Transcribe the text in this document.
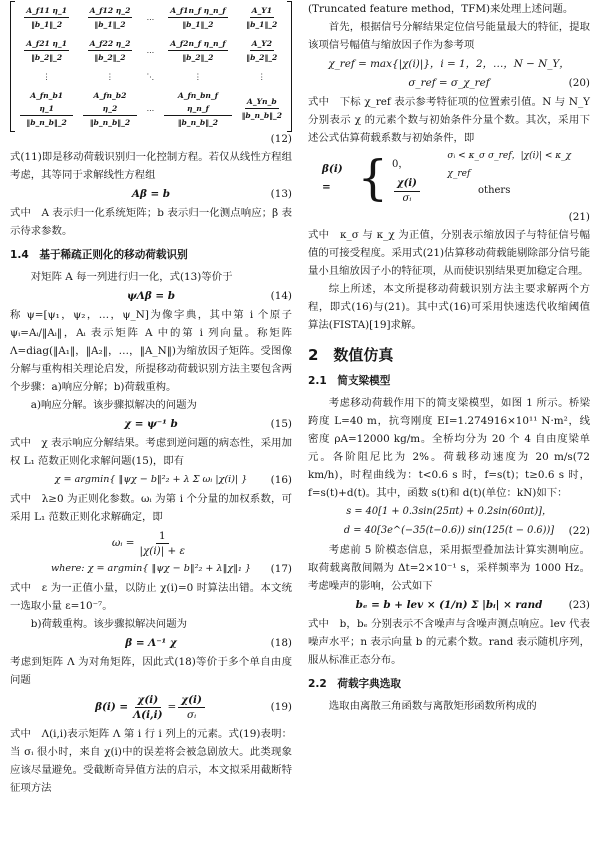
$\frac{A\_f11 \eta\_1}{‖b\_1‖\_2}$	$\frac{A\_f12 \eta\_2}{‖b\_1‖\_2}$	…	$\frac{\text{A\_f1n\_f η\_n\_f}}{‖b\_1‖\_2}$	$\frac{A\_Y1}{‖b\_1‖\_2}$

$\frac{A\_f21 \eta\_1}{‖b\_2‖\_2}$	$\frac{A\_f22 \eta\_2}{‖b\_2‖\_2}$	…	$\frac{\text{A\_f2n\_f η\_n\_f}}{‖b\_2‖\_2}$	$\frac{A\_Y2}{‖b\_2‖\_2}$

⋮	⋮	⋱	⋮	⋮

$\frac{A\_fn\_b1 \eta\_1}{‖b\_n\_b‖\_2}$	$\frac{A\_fn\_b2 \eta\_2}{‖b\_n\_b‖\_2}$	…	$\frac{\text{A\_fn\_bn\_f η\_n\_f}}{‖b\_n\_b‖\_2}$	$\frac{A\_Yn\_b}{‖b\_n\_b‖\_2}$
(12)

式(11)即是移动荷载识别归一化控制方程。若仅从线性方程组考虑，其等同于求解线性方程组

Aβ = b	(13)

式中　A 表示归一化系统矩阵；b 表示归一化测点响应；β 表示待求参数。

1.4　基于稀疏正则化的移动荷载识别

对矩阵 A 每一列进行归一化，式(13)等价于

ψΛβ = b	(14)

称 ψ=[ψ₁，ψ₂，…，ψ_N]为像字典，其中第 i 个原子 ψᵢ=Aᵢ/‖Aᵢ‖，Aᵢ 表示矩阵 A 中的第 i 列向量。称矩阵 Λ=diag(‖A₁‖，‖A₂‖，…，‖A_N‖)为缩放因子矩阵。受图像分解与重构相关理论启发，所提移动荷载识别方法主要包含两个步骤：a)响应分解；b)荷载重构。

a)响应分解。该步骤拟解决的问题为

χ = ψ⁻¹ b	(15)

式中　χ 表示响应分解结果。考虑到逆问题的病态性，采用加权 L₁ 范数正则化求解问题(15)，即有

χ = argmin{ ‖ψχ − b‖²₂ + λ Σ ωᵢ |χ(i)| } (16)

式中　λ≥0 为正则化参数。ωᵢ 为第 i 个分量的加权系数，可采用 L₁ 范数正则化求解确定，即

ωᵢ = $\frac{1}{|\chi(i)| + \varepsilon}$
where: χ = argmin{ ‖ψχ − b‖²₂ + λ‖χ‖₁ } (17)

式中　ε 为一正值小量，以防止 χ(i)=0 时算法出错。本文统一选取小量 ε=10⁻⁷。

b)荷载重构。该步骤拟解决问题为

β = Λ⁻¹ χ	(18)

考虑到矩阵 Λ 为对角矩阵，因此式(18)等价于多个单自由度问题

$\beta(i) = \frac{\chi(i)}{\Lambda(i,i)} = \frac{\chi(i)}{\text{σᵢ}}$	(19)

式中　Λ(i,i)表示矩阵 Λ 第 i 行 i 列上的元素。式(19)表明：当 σᵢ 很小时，来自 χ(i)中的误差将会被急剧放大。此类现象应该尽量避免。受截断奇异值方法的启示，本文拟采用截断特征项方法

(Truncated feature method，TFM)来处理上述问题。

首先，根据信号分解结果定位信号能量最大的特征，提取该项信号幅值与缩放因子作为参考项

χ_ref = max{|χ(i)|}，i = 1，2，…，N − N_Y，
σ_ref = σ_χ_ref	(20)

式中　下标 χ_ref 表示参考特征项的位置索引值。N 与 N_Y 分别表示 χ 的元素个数与初始条件分量个数。其次，采用下述公式估算荷载系数与初始条件，即

β(i) = { 0，
σᵢ < κ_σ σ_ref，|χ(i)| < κ_χ χ_ref
$\frac{\chi(i)}{\text{σᵢ}}$	others
(21)

式中　κ_σ 与 κ_χ 为正值，分别表示缩放因子与特征信号幅值的可接受程度。采用式(21)估算移动荷载能剔除部分信号能量小且缩放因子小的特征项，从而使识别结果更加稳定合理。

综上所述，本文所提移动荷载识别方法主要求解两个方程，即式(16)与(21)。其中式(16)可采用快速迭代收缩阈值算法(FISTA)[19]求解。

2　数值仿真
2.1　简支梁模型

考虑移动荷载作用下的简支梁模型，如图 1 所示。桥梁跨度 L=40 m，抗弯刚度 EI=1.274916×10¹¹ N·m²，线密度 ρA=12000 kg/m。全桥均分为 20 个 4 自由度梁单元。各阶阻尼比为 2%。荷载移动速度为 20 m/s(72 km/h)，时程曲线为：t<0.6 s 时，f=s(t)；t≥0.6 s 时，f=s(t)+d(t)。其中，函数 s(t)和 d(t)(单位：kN)如下：

s = 40[1 + 0.3sin(25πt) + 0.2sin(60πt)]，
d = 40[3e^(−35(t−0.6)) sin(125(t − 0.6))] (22)

考虑前 5 阶模态信息，采用振型叠加法计算实测响应。取荷载离散间隔为 Δt=2×10⁻¹ s，采样频率为 1000 Hz。考虑噪声的影响，公式如下

bₑ = b + lev × (1/n) Σ |bᵢ| × rand	(23)

式中　b，bₑ 分别表示不含噪声与含噪声测点响应。lev 代表噪声水平；n 表示向量 b 的元素个数。rand 表示随机序列，服从标准正态分布。

2.2　荷载字典选取

选取由离散三角函数与离散矩形函数所构成的
